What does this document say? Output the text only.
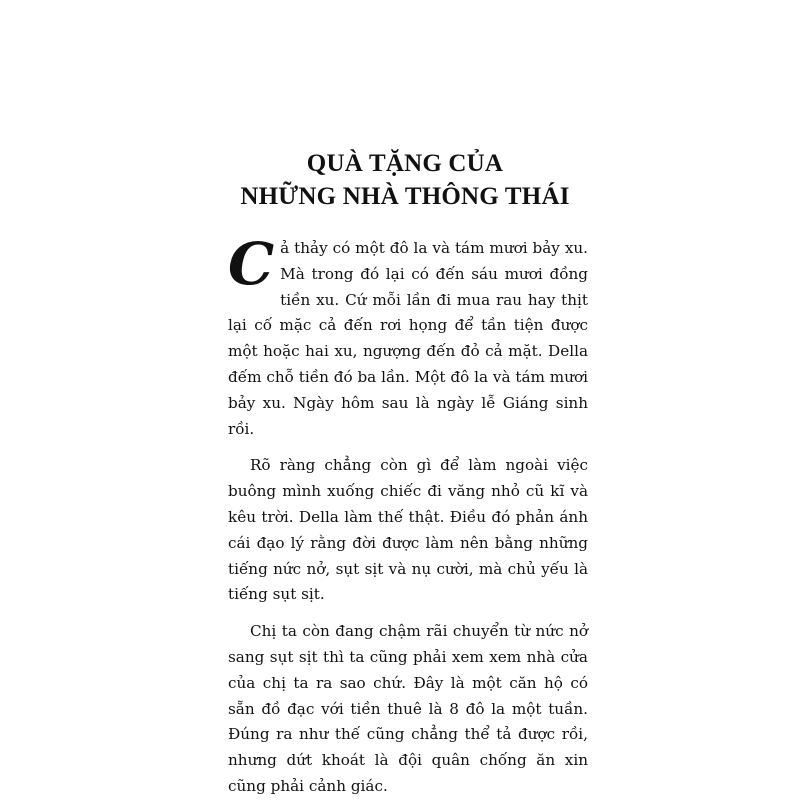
QUÀ TẶNG CỦA
NHỮNG NHÀ THÔNG THÁI

C ả thảy có một đô la và tám mươi bảy xu. Mà trong đó lại có đến sáu mươi đồng tiền xu. Cứ mỗi lần đi mua rau hay thịt lại cố mặc cả đến rơi họng để tần tiện được một hoặc hai xu, ngượng đến đỏ cả mặt. Della đếm chỗ tiền đó ba lần. Một đô la và tám mươi bảy xu. Ngày hôm sau là ngày lễ Giáng sinh rồi.

Rõ ràng chẳng còn gì để làm ngoài việc buông mình xuống chiếc đi văng nhỏ cũ kĩ và kêu trời. Della làm thế thật. Điều đó phản ánh cái đạo lý rằng đời được làm nên bằng những tiếng nức nở, sụt sịt và nụ cười, mà chủ yếu là tiếng sụt sịt.

Chị ta còn đang chậm rãi chuyển từ nức nở sang sụt sịt thì ta cũng phải xem xem nhà cửa của chị ta ra sao chứ. Đây là một căn hộ có sẵn đồ đạc với tiền thuê là 8 đô la một tuần. Đúng ra như thế cũng chẳng thể tả được rồi, nhưng dứt khoát là đội quân chống ăn xin cũng phải cảnh giác.
